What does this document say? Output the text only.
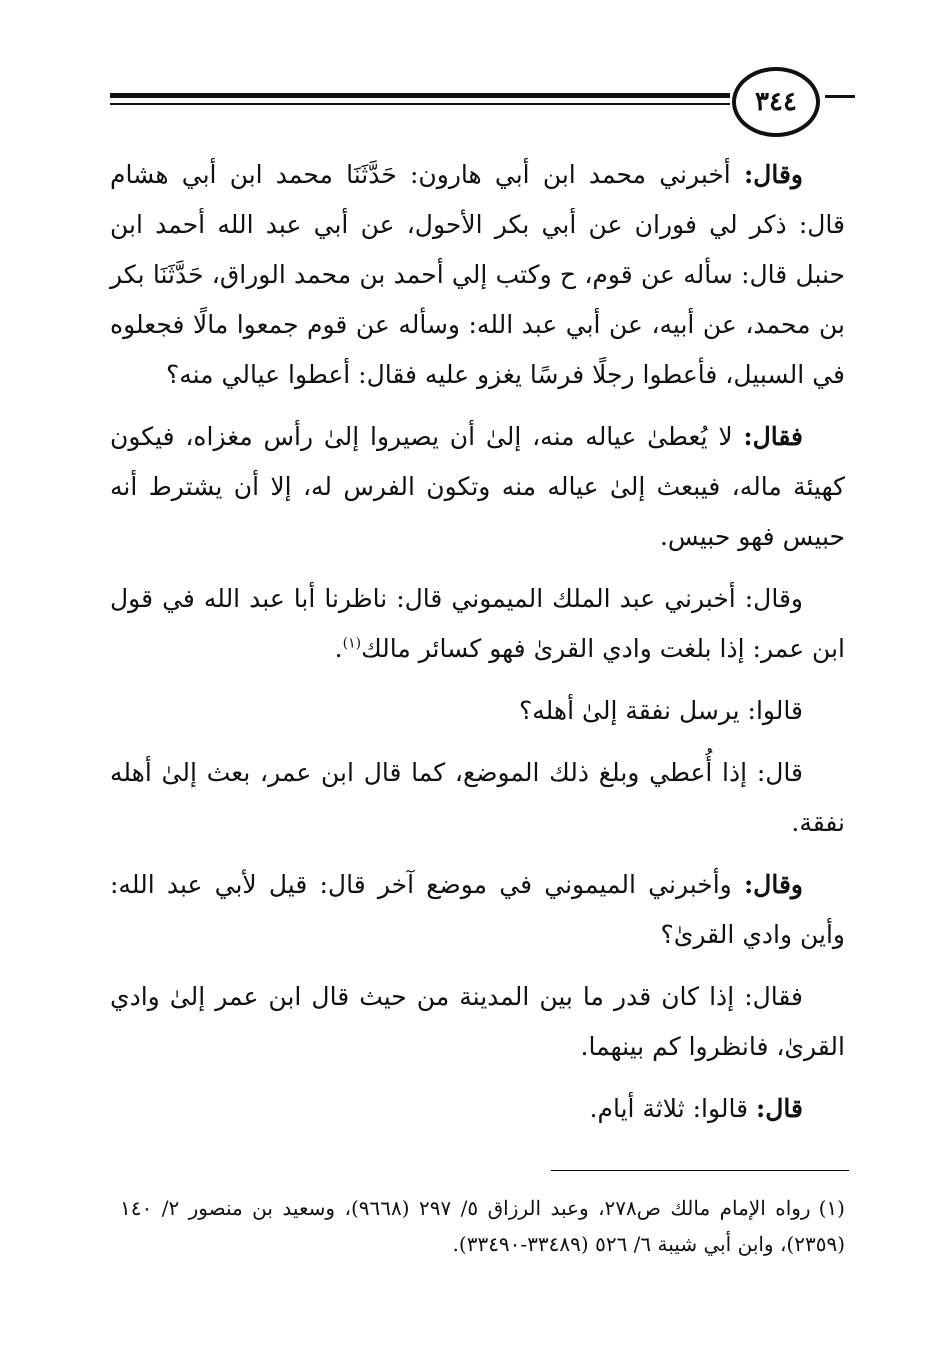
٣٤٤

وقال: أخبرني محمد ابن أبي هارون: حَدَّثَنَا محمد ابن أبي هشام قال: ذكر لي فوران عن أبي بكر الأحول، عن أبي عبد الله أحمد ابن حنبل قال: سأله عن قوم، ح وكتب إلي أحمد بن محمد الوراق، حَدَّثَنَا بكر بن محمد، عن أبيه، عن أبي عبد الله: وسأله عن قوم جمعوا مالًا فجعلوه في السبيل، فأعطوا رجلًا فرسًا يغزو عليه فقال: أعطوا عيالي منه؟

فقال: لا يُعطىٰ عياله منه، إلىٰ أن يصيروا إلىٰ رأس مغزاه، فيكون كهيئة ماله، فيبعث إلىٰ عياله منه وتكون الفرس له، إلا أن يشترط أنه حبيس فهو حبيس.

وقال: أخبرني عبد الملك الميموني قال: ناظرنا أبا عبد الله في قول ابن عمر: إذا بلغت وادي القرىٰ فهو كسائر مالك$^{(١)}$.

قالوا: يرسل نفقة إلىٰ أهله؟

قال: إذا أُعطي وبلغ ذلك الموضع، كما قال ابن عمر، بعث إلىٰ أهله نفقة.

وقال: وأخبرني الميموني في موضع آخر قال: قيل لأبي عبد الله: وأين وادي القرىٰ؟

فقال: إذا كان قدر ما بين المدينة من حيث قال ابن عمر إلىٰ وادي القرىٰ، فانظروا كم بينهما.

قال: قالوا: ثلاثة أيام.

(١)رواه الإمام مالك ص٢٧٨، وعبد الرزاق ٥/ ٢٩٧ (٩٦٦٨)، وسعيد بن منصور ٢/ ١٤٠ (٢٣٥٩)، وابن أبي شيبة ٦/ ٥٢٦ (٣٣٤٨٩-٣٣٤٩٠).
